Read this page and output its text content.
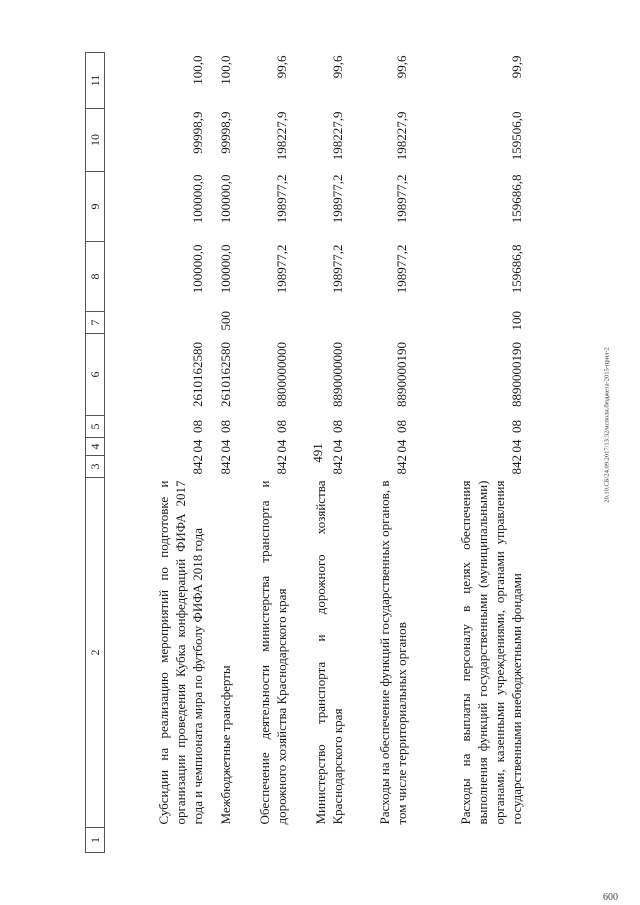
491	20.10.СБ/24.09.2017/13:32/исполн.бюджета-2015-прил-2
600
1	2	3	4	5	6	7	8	9	10	11
	Субсидии на реализацию мероприятий по подготовке и организации проведения Кубка конфедераций ФИФА 2017 года и чемпионата мира по футболу ФИФА 2018 года	842	04	08	2610162580		100000,0	100000,0	99998,9	100,0
	Межбюджетные трансферты	842	04	08	2610162580	500	100000,0	100000,0	99998,9	100,0
	Обеспечение деятельности министерства транспорта и дорожного хозяйства Краснодарского края	842	04	08	8800000000		198977,2	198977,2	198227,9	99,6
	Министерство транспорта и дорожного хозяйства Краснодарского края	842	04	08	8890000000		198977,2	198977,2	198227,9	99,6
	Расходы на обеспечение функций государственных органов, в том числе территориальных органов	842	04	08	8890000190		198977,2	198977,2	198227,9	99,6
	Расходы на выплаты персоналу в целях обеспечения выполнения функций государственными (муниципальными) органами, казенными учреждениями, органами управления государственными внебюджетными фондами	842	04	08	8890000190	100	159686,8	159686,8	159506,0	99,9
